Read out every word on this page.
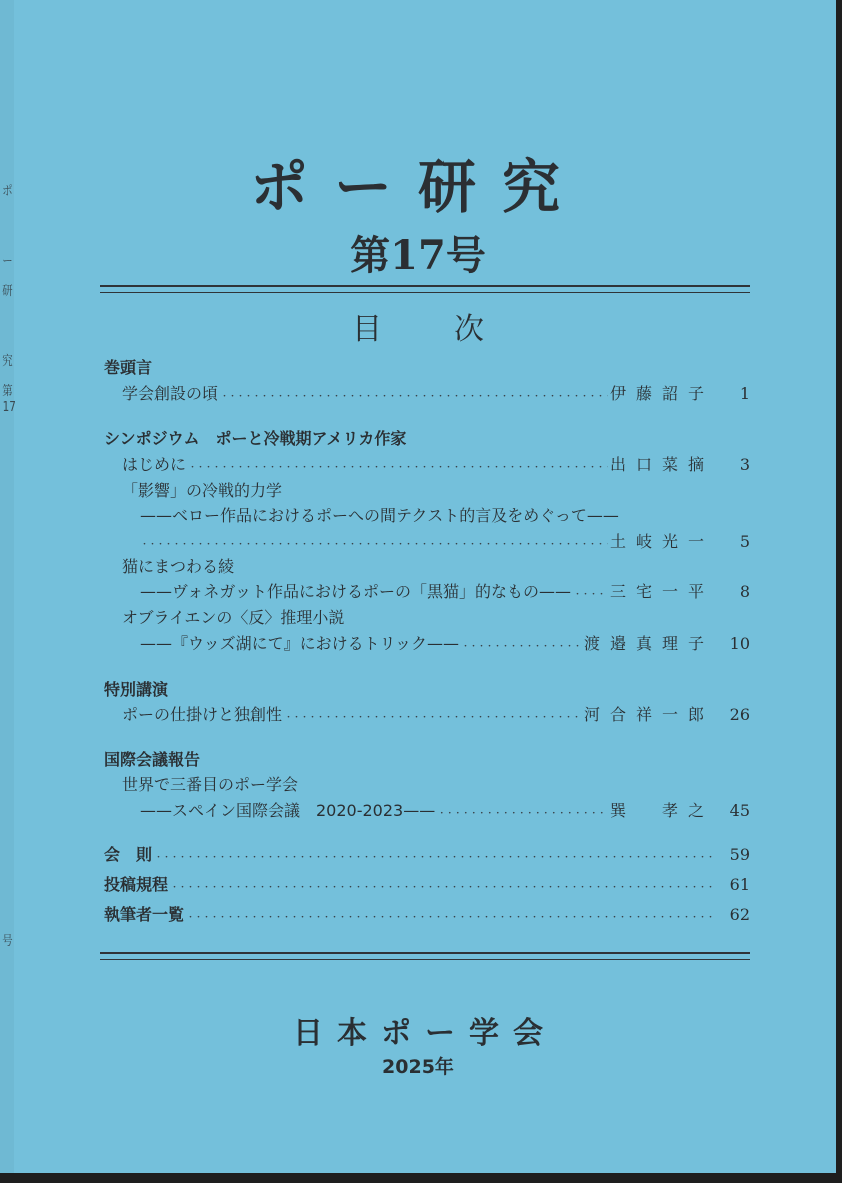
ポ
ー
研
究
第
17
号
ポー研究
第17号
目次
巻頭言
学会創設の頃 ・・・・・・・・・・・・・・・・・・・・・・・・・・・・・・・・・・・・・・・・・・・・・・・・・・・・・・・・・・・・・・・・・・・・・・・・・	伊藤詔子	1
シンポジウム　ポーと冷戦期アメリカ作家
はじめに ・・・・・・・・・・・・・・・・・・・・・・・・・・・・・・・・・・・・・・・・・・・・・・・・・・・・・・・・・・・・・・・・・・・・・・・・・	出口菜摘	3
「影響」の冷戦的力学
——ベロー作品におけるポーへの間テクスト的言及をめぐって——
・・・・・・・・・・・・・・・・・・・・・・・・・・・・・・・・・・・・・・・・・・・・・・・・・・・・・・・・・・・・・・・・・・・・・・・・・
土岐光一	5
猫にまつわる綾
——ヴォネガット作品におけるポーの「黒猫」的なもの—— ・・・・・・・・・・・・・・・・・・・・・・・・・・・・・・・・・・・・・・・・・・・・・・・・・・・・・・・・・・・・・・・・・・・・・・・・・ 三宅一平	8
オブライエンの〈反〉推理小説
——『ウッズ湖にて』におけるトリック—— ・・・・・・・・・・・・・・・・・・・・・・・・・・・・・・・・・・・・・・・・・・・・・・・・・・・・・・・・・・・・・・・・・・・・・・・・・	渡邉真理子 10
特別講演
ポーの仕掛けと独創性 ・・・・・・・・・・・・・・・・・・・・・・・・・・・・・・・・・・・・・・・・・・・・・・・・・・・・・・・・・・・・・・・・・・・・・・・・・	河合祥一郎 26
国際会議報告
世界で三番目のポー学会
——スペイン国際会議　2020-2023—— ・・・・・・・・・・・・・・・・・・・・・・・・・・・・・・・・・・・・・・・・・・・・・・・・・・・・・・・・・・・・・・・・・・・・・・・・・	巽　孝之 45
会　則 ・・・・・・・・・・・・・・・・・・・・・・・・・・・・・・・・・・・・・・・・・・・・・・・・・・・・・・・・・・・・・・・・・・・・・・・・・	59
投稿規程 ・・・・・・・・・・・・・・・・・・・・・・・・・・・・・・・・・・・・・・・・・・・・・・・・・・・・・・・・・・・・・・・・・・・・・・・・・	61
執筆者一覧 ・・・・・・・・・・・・・・・・・・・・・・・・・・・・・・・・・・・・・・・・・・・・・・・・・・・・・・・・・・・・・・・・・・・・・・・・・	62
日本ポー学会
2025年
